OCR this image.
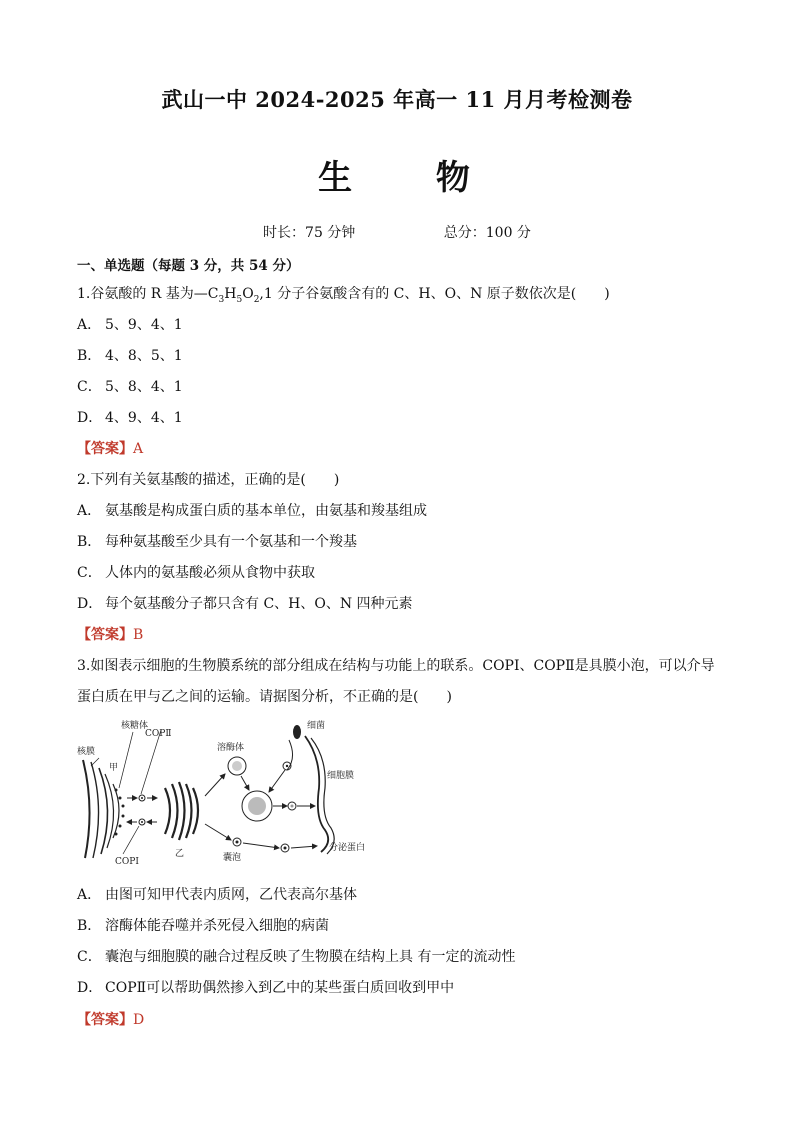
武山一中 2024-2025 年高一 11 月月考检测卷
生 物
时长：75 分钟	总分：100 分
一、单选题（每题 3 分，共 54 分）
1.谷氨酸的 R 基为$—C_3H_5O_2,1$ 分子谷氨酸含有的 C、H、O、N 原子数依次是(　　)
A． 5、9、4、1
B． 4、8、5、1
C． 5、8、4、1
D． 4、9、4、1
【答案】A
2.下列有关氨基酸的描述，正确的是(　　)
A． 氨基酸是构成蛋白质的基本单位，由氨基和羧基组成
B． 每种氨基酸至少具有一个氨基和一个羧基
C． 人体内的氨基酸必须从食物中获取
D． 每个氨基酸分子都只含有 C、H、O、N 四种元素
【答案】B
3.如图表示细胞的生物膜系统的部分组成在结构与功能上的联系。COPⅠ、COPⅡ是具膜小泡，可以介导
蛋白质在甲与乙之间的运输。请据图分析，不正确的是(　　)
核膜
核糖体
COPⅡ
甲
溶酶体
细菌
细胞膜
COPⅠ
乙	囊泡
分泌蛋白
A． 由图可知甲代表内质网，乙代表高尔基体
B． 溶酶体能吞噬并杀死侵入细胞的病菌
C． 囊泡与细胞膜的融合过程反映了生物膜在结构上具 有一定的流动性
D． COPⅡ可以帮助偶然掺入到乙中的某些蛋白质回收到甲中
【答案】D
